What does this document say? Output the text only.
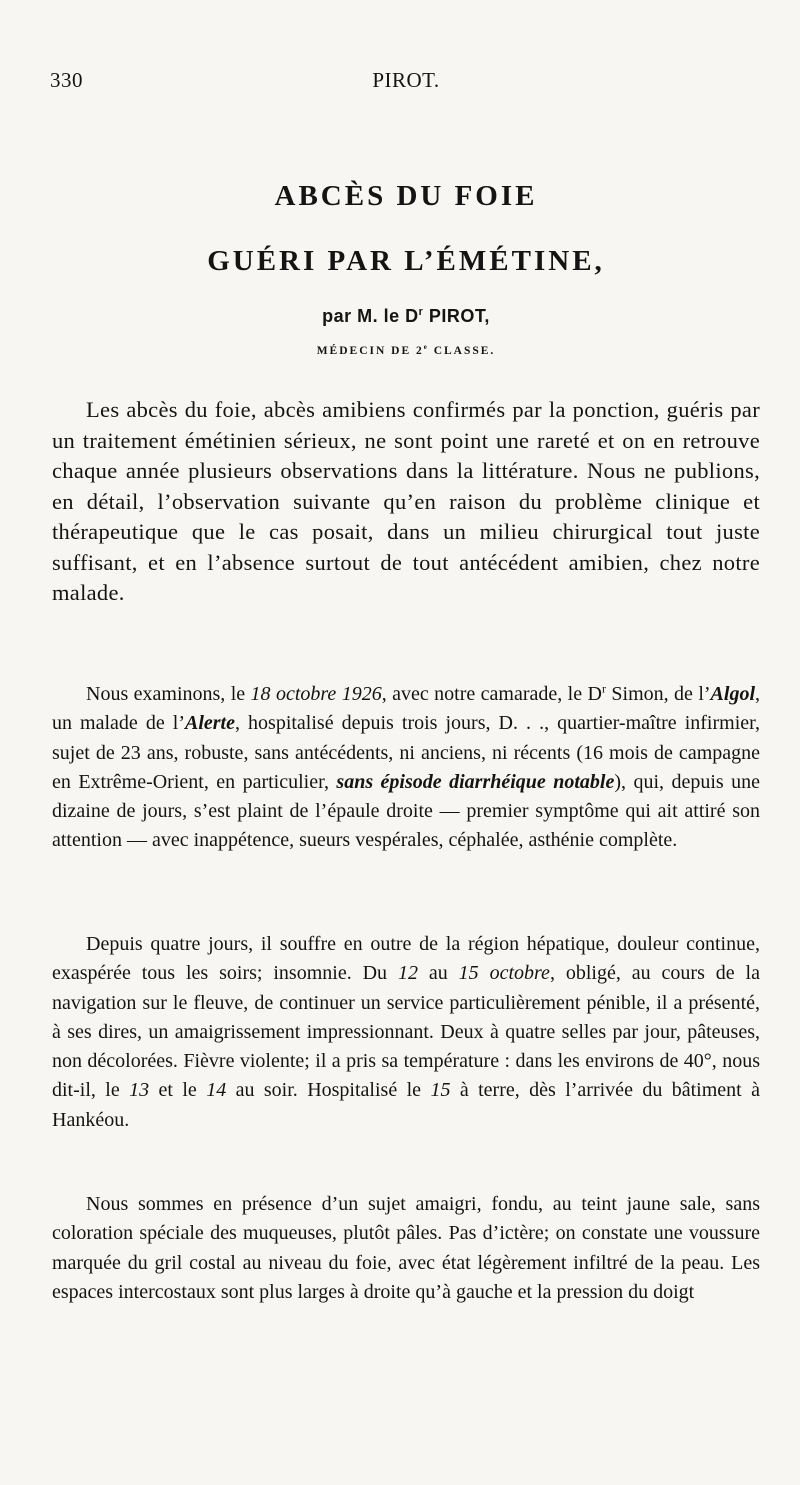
330	PIROT.
ABCÈS DU FOIE
GUÉRI PAR L’ÉMÉTINE,
par M. le $D^r$ PIROT,
MÉDECIN DE 2e CLASSE.

Les abcès du foie, abcès amibiens confirmés par la ponction, guéris par un traitement émétinien sérieux, ne sont point une rareté et on en retrouve chaque année plusieurs observations dans la littérature. Nous ne publions, en détail, l’observation suivante qu’en raison du problème clinique et thérapeutique que le cas posait, dans un milieu chirurgical tout juste suffisant, et en l’absence surtout de tout antécédent amibien, chez notre malade.

Nous examinons, le 18 octobre 1926, avec notre camarade, le $D^r$ Simon, de l’Algol, un malade de l’Alerte, hospitalisé depuis trois jours, D. . ., quartier-maître infirmier, sujet de 23 ans, robuste, sans antécédents, ni anciens, ni récents (16 mois de campagne en Extrême-Orient, en particulier, sans épisode diarrhéique notable), qui, depuis une dizaine de jours, s’est plaint de l’épaule droite — premier symptôme qui ait attiré son attention — avec inappétence, sueurs vespérales, céphalée, asthénie complète.

Depuis quatre jours, il souffre en outre de la région hépatique, douleur continue, exaspérée tous les soirs; insomnie. Du 12 au 15 octobre, obligé, au cours de la navigation sur le fleuve, de continuer un service particulièrement pénible, il a présenté, à ses dires, un amaigrissement impressionnant. Deux à quatre selles par jour, pâteuses, non décolorées. Fièvre violente; il a pris sa température : dans les environs de 40°, nous dit-il, le 13 et le 14 au soir. Hospitalisé le 15 à terre, dès l’arrivée du bâtiment à Hankéou.

Nous sommes en présence d’un sujet amaigri, fondu, au teint jaune sale, sans coloration spéciale des muqueuses, plutôt pâles. Pas d’ictère; on constate une voussure marquée du gril costal au niveau du foie, avec état légèrement infiltré de la peau. Les espaces intercostaux sont plus larges à droite qu’à gauche et la pression du doigt
